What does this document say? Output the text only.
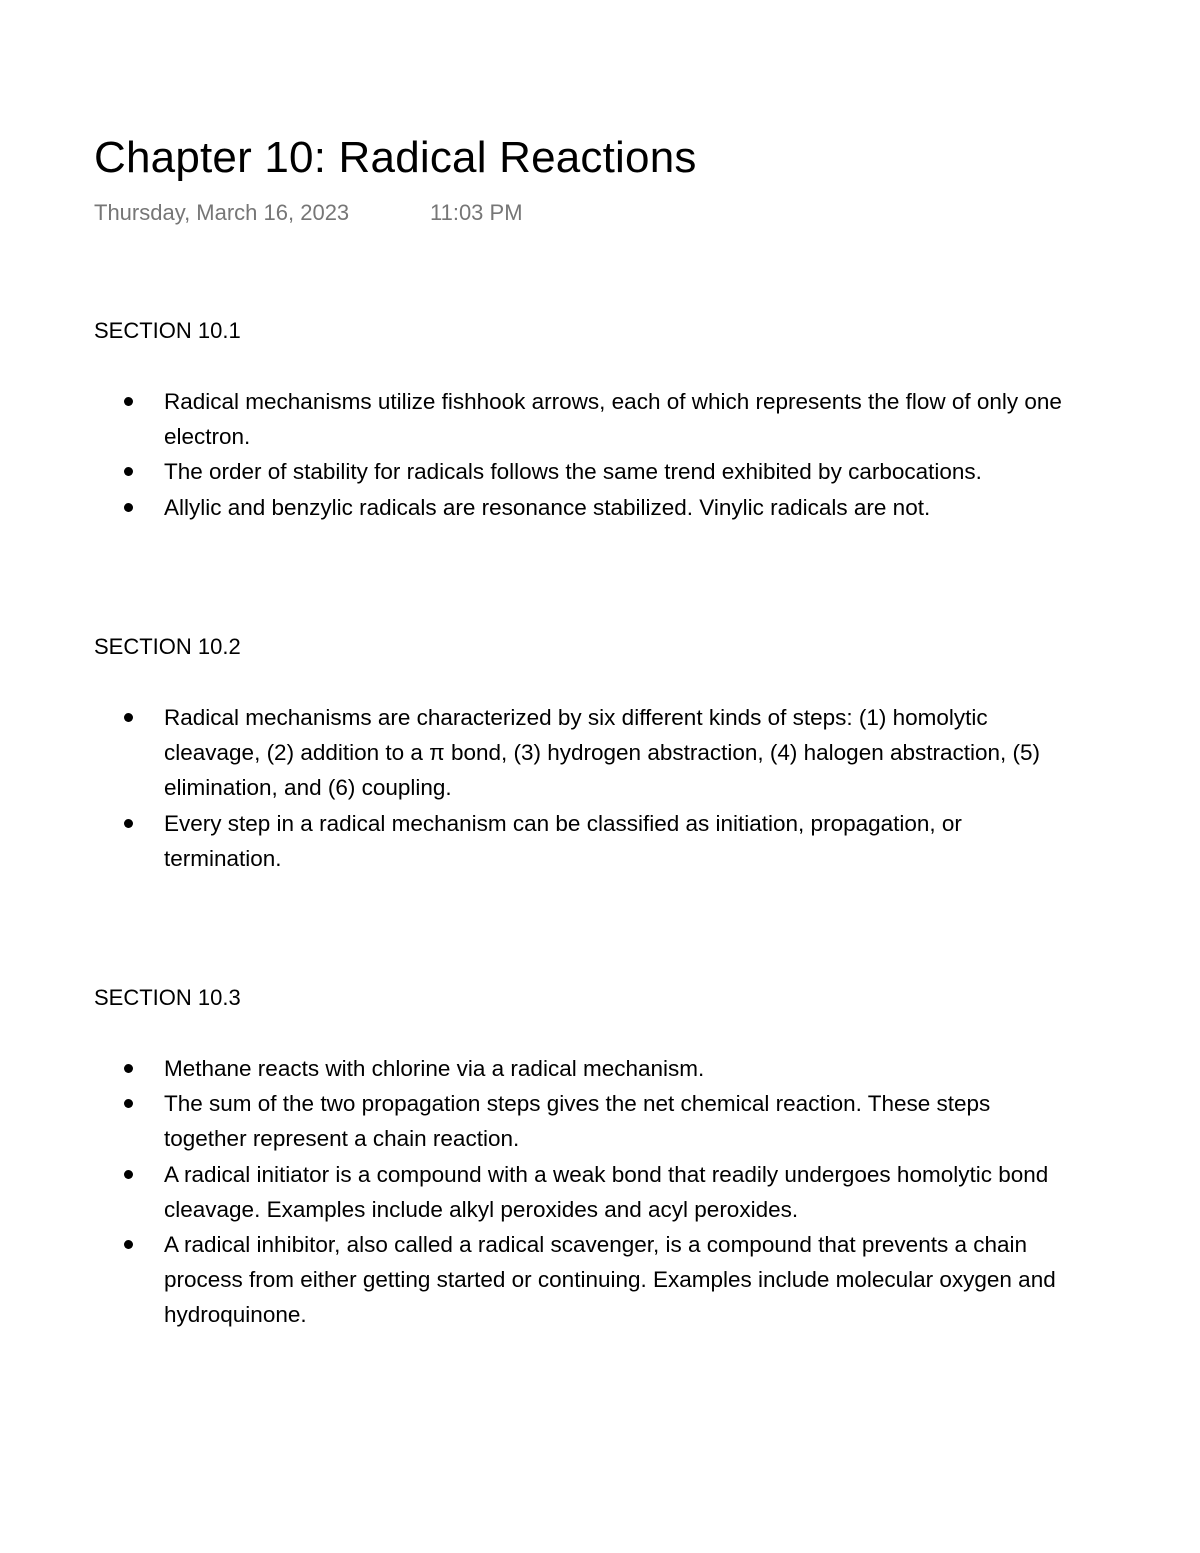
Chapter 10: Radical Reactions
Thursday, March 16, 2023	11:03 PM
SECTION 10.1
Radical mechanisms utilize fishhook arrows, each of which represents the flow of only one
electron.
The order of stability for radicals follows the same trend exhibited by carbocations.
Allylic and benzylic radicals are resonance stabilized. Vinylic radicals are not.
SECTION 10.2
Radical mechanisms are characterized by six different kinds of steps: (1) homolytic
cleavage, (2) addition to a π bond, (3) hydrogen abstraction, (4) halogen abstraction, (5)
elimination, and (6) coupling.
Every step in a radical mechanism can be classified as initiation, propagation, or
termination.
SECTION 10.3
Methane reacts with chlorine via a radical mechanism.
The sum of the two propagation steps gives the net chemical reaction. These steps
together represent a chain reaction.
A radical initiator is a compound with a weak bond that readily undergoes homolytic bond
cleavage. Examples include alkyl peroxides and acyl peroxides.
A radical inhibitor, also called a radical scavenger, is a compound that prevents a chain
process from either getting started or continuing. Examples include molecular oxygen and
hydroquinone.
